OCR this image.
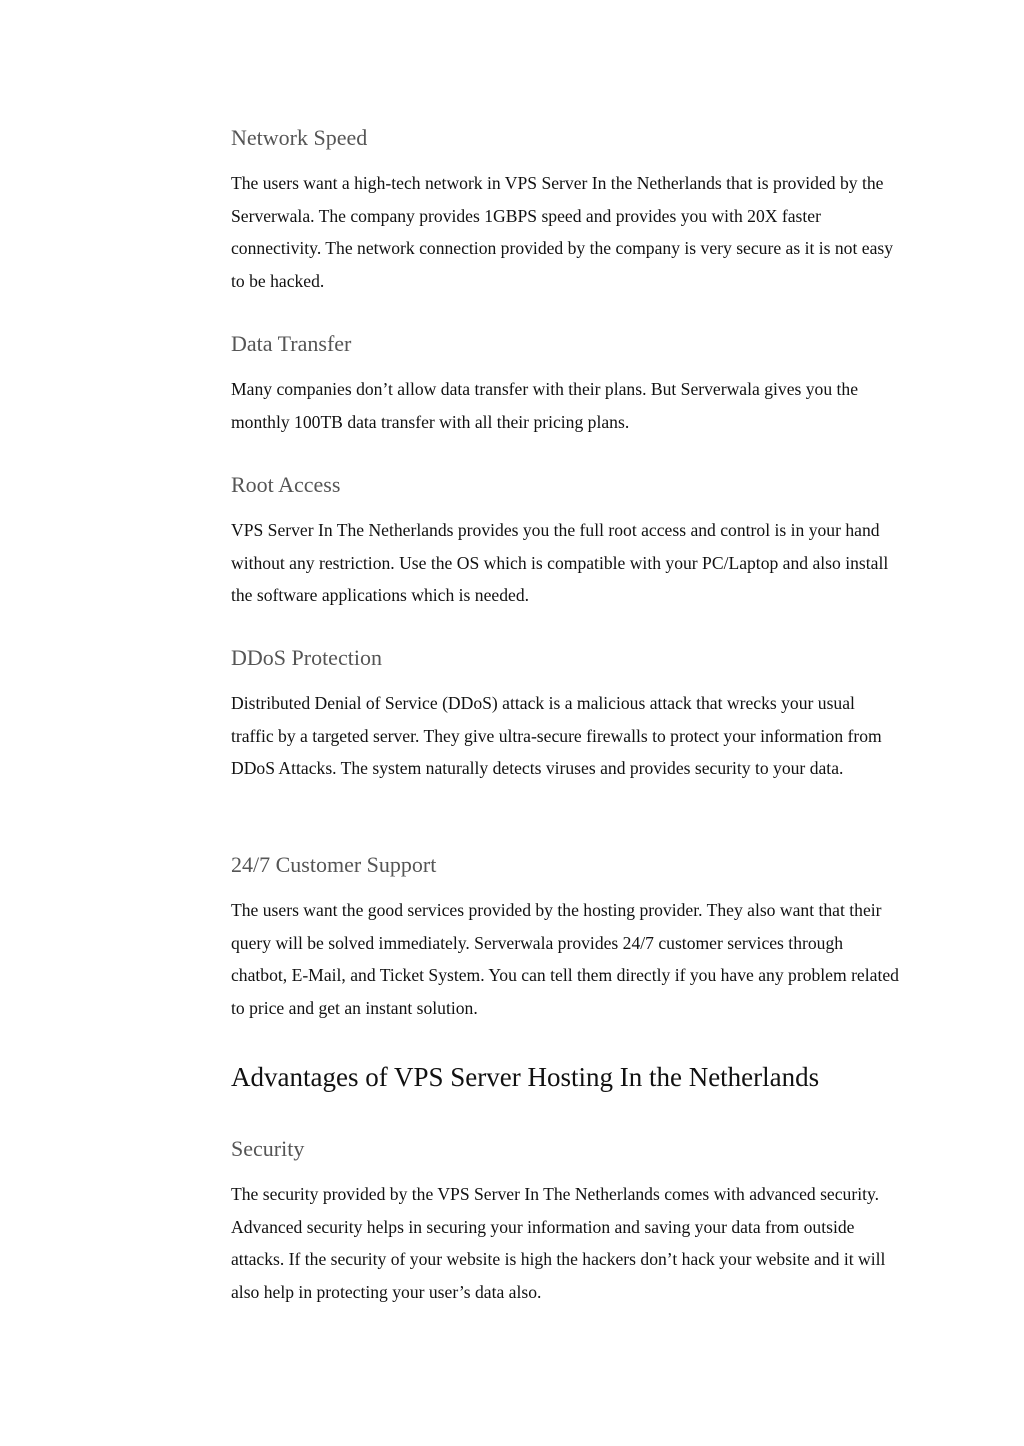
Network Speed

The users want a high-tech network in VPS Server In the Netherlands that is provided by the Serverwala. The company provides 1GBPS speed and provides you with 20X faster connectivity. The network connection provided by the company is very secure as it is not easy to be hacked.

Data Transfer

Many companies don’t allow data transfer with their plans. But Serverwala gives you the monthly 100TB data transfer with all their pricing plans.

Root Access

VPS Server In The Netherlands provides you the full root access and control is in your hand without any restriction. Use the OS which is compatible with your PC/Laptop and also install the software applications which is needed.

DDoS Protection

Distributed Denial of Service (DDoS) attack is a malicious attack that wrecks your usual traffic by a targeted server. They give ultra-secure firewalls to protect your information from DDoS Attacks. The system naturally detects viruses and provides security to your data.

24/7 Customer Support

The users want the good services provided by the hosting provider. They also want that their query will be solved immediately. Serverwala provides 24/7 customer services through chatbot, E-Mail, and Ticket System. You can tell them directly if you have any problem related to price and get an instant solution.

Advantages of VPS Server Hosting In the Netherlands
Security

The security provided by the VPS Server In The Netherlands comes with advanced security. Advanced security helps in securing your information and saving your data from outside attacks. If the security of your website is high the hackers don’t hack your website and it will also help in protecting your user’s data also.
